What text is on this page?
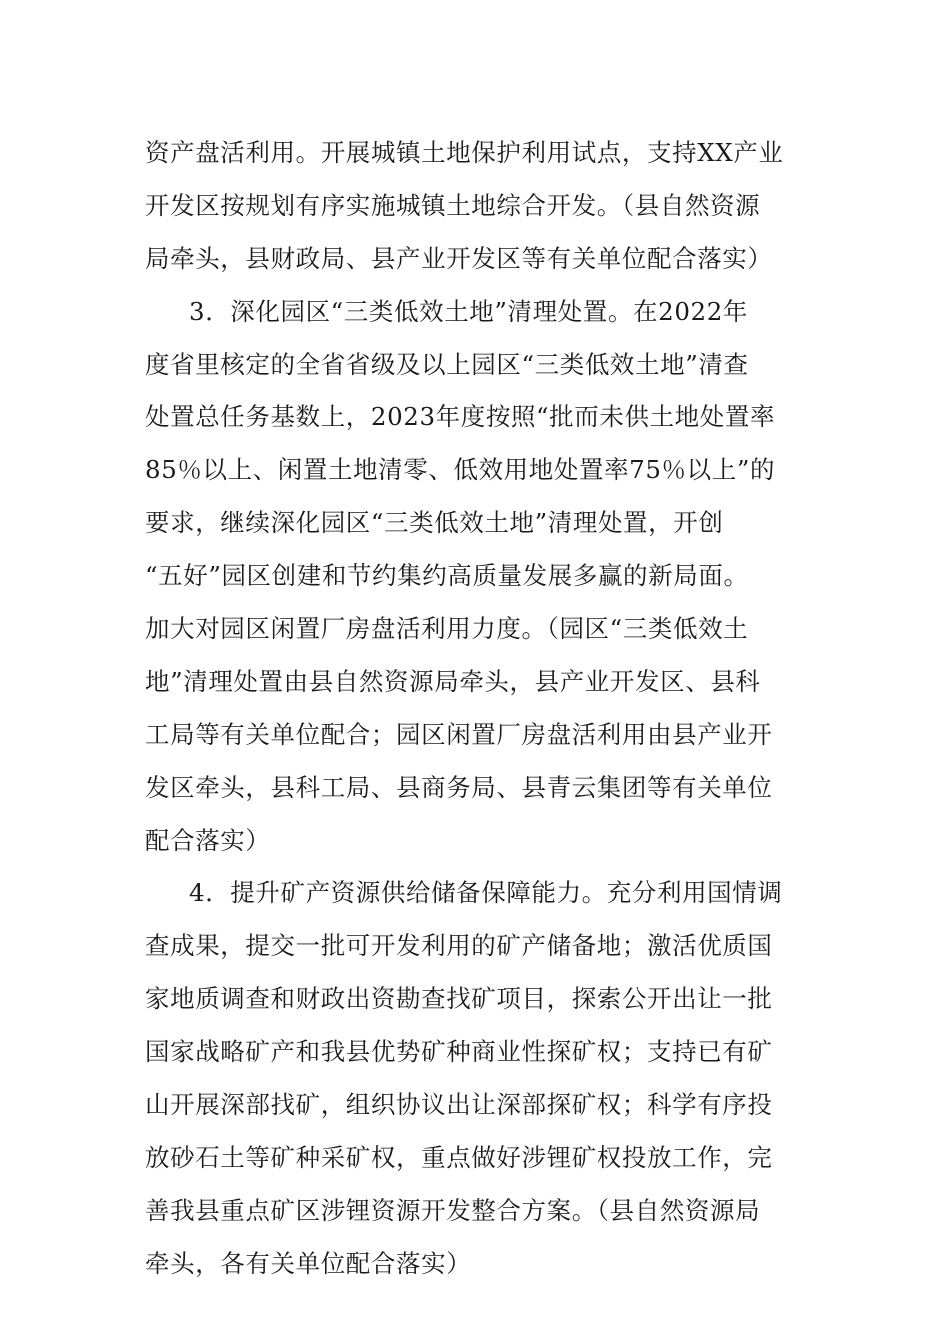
资产盘活利用。开展城镇土地保护利用试点，支持XX产业
开发区按规划有序实施城镇土地综合开发。（县自然资源
局牵头，县财政局、县产业开发区等有关单位配合落实）
3．深化园区“三类低效土地”清理处置。在2022年
度省里核定的全省省级及以上园区“三类低效土地”清查
处置总任务基数上，2023年度按照“批而未供土地处置率
85％以上、闲置土地清零、低效用地处置率75％以上”的
要求，继续深化园区“三类低效土地”清理处置，开创
“五好”园区创建和节约集约高质量发展多赢的新局面。
加大对园区闲置厂房盘活利用力度。（园区“三类低效土
地”清理处置由县自然资源局牵头，县产业开发区、县科
工局等有关单位配合；园区闲置厂房盘活利用由县产业开
发区牵头，县科工局、县商务局、县青云集团等有关单位
配合落实）
4．提升矿产资源供给储备保障能力。充分利用国情调
查成果，提交一批可开发利用的矿产储备地；激活优质国
家地质调查和财政出资勘查找矿项目，探索公开出让一批
国家战略矿产和我县优势矿种商业性探矿权；支持已有矿
山开展深部找矿，组织协议出让深部探矿权；科学有序投
放砂石土等矿种采矿权，重点做好涉锂矿权投放工作，完
善我县重点矿区涉锂资源开发整合方案。（县自然资源局
牵头，各有关单位配合落实）
